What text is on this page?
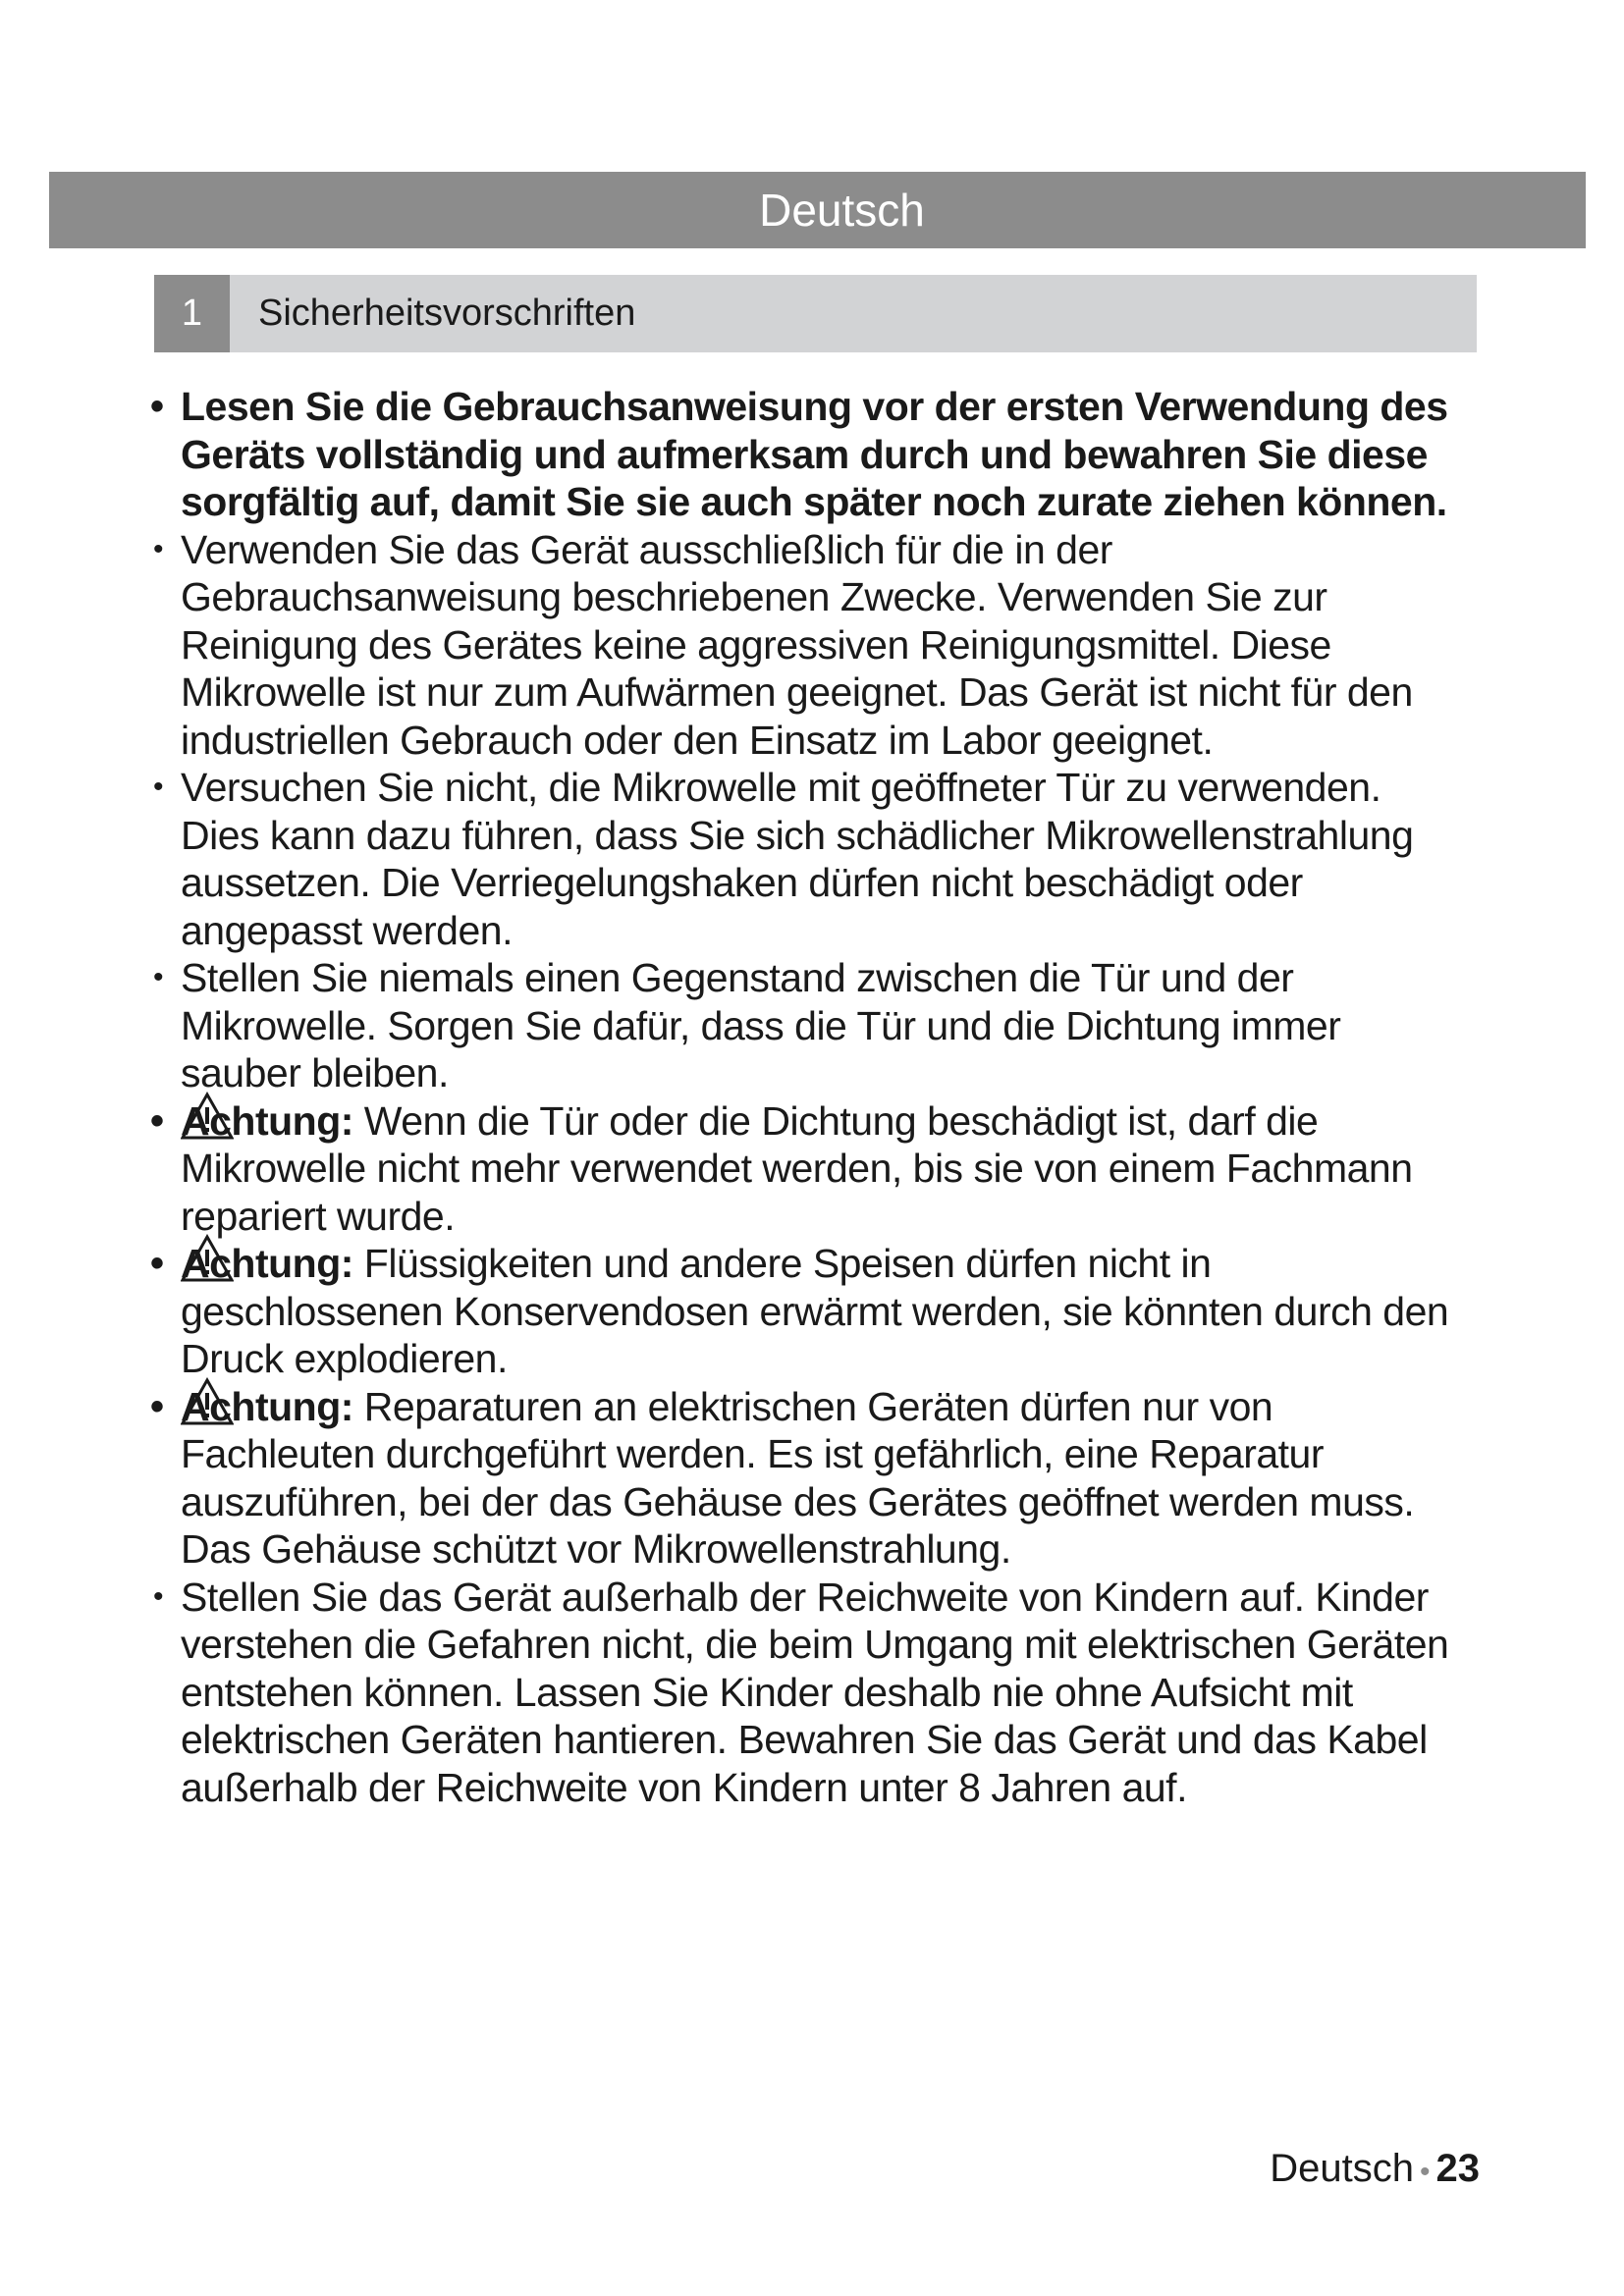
Deutsch
1	Sicherheitsvorschriften
• Lesen Sie die Gebrauchsanweisung vor der ersten Verwendung des Geräts vollständig und aufmerksam durch und bewahren Sie diese sorgfältig auf, damit Sie sie auch später noch zurate ziehen können.
• Verwenden Sie das Gerät ausschließlich für die in der Gebrauchsanweisung beschriebenen Zwecke. Verwenden Sie zur Reinigung des Gerätes keine aggressiven Reinigungsmittel. Diese Mikrowelle ist nur zum Aufwärmen geeignet. Das Gerät ist nicht für den industriellen Gebrauch oder den Einsatz im Labor geeignet.
• Versuchen Sie nicht, die Mikrowelle mit geöffneter Tür zu verwenden. Dies kann dazu führen, dass Sie sich schädlicher Mikrowellenstrahlung aussetzen. Die Verriegelungshaken dürfen nicht beschädigt oder angepasst werden.
• Stellen Sie niemals einen Gegenstand zwischen die Tür und der Mikrowelle. Sorgen Sie dafür, dass die Tür und die Dichtung immer sauber bleiben.
• Achtung: Wenn die Tür oder die Dichtung beschädigt ist, darf die Mikrowelle nicht mehr verwendet werden, bis sie von einem Fachmann repariert wurde.
• Achtung: Flüssigkeiten und andere Speisen dürfen nicht in geschlossenen Konservendosen erwärmt werden, sie könnten durch den Druck explodieren.
• Achtung: Reparaturen an elektrischen Geräten dürfen nur von Fachleuten durchgeführt werden. Es ist gefährlich, eine Reparatur auszuführen, bei der das Gehäuse des Gerätes geöffnet werden muss. Das Gehäuse schützt vor Mikrowellenstrahlung.
• Stellen Sie das Gerät außerhalb der Reichweite von Kindern auf. Kinder verstehen die Gefahren nicht, die beim Umgang mit elektrischen Geräten entstehen können. Lassen Sie Kinder deshalb nie ohne Aufsicht mit elektrischen Geräten hantieren. Bewahren Sie das Gerät und das Kabel außerhalb der Reichweite von Kindern unter 8 Jahren auf.
Deutsch • 23
